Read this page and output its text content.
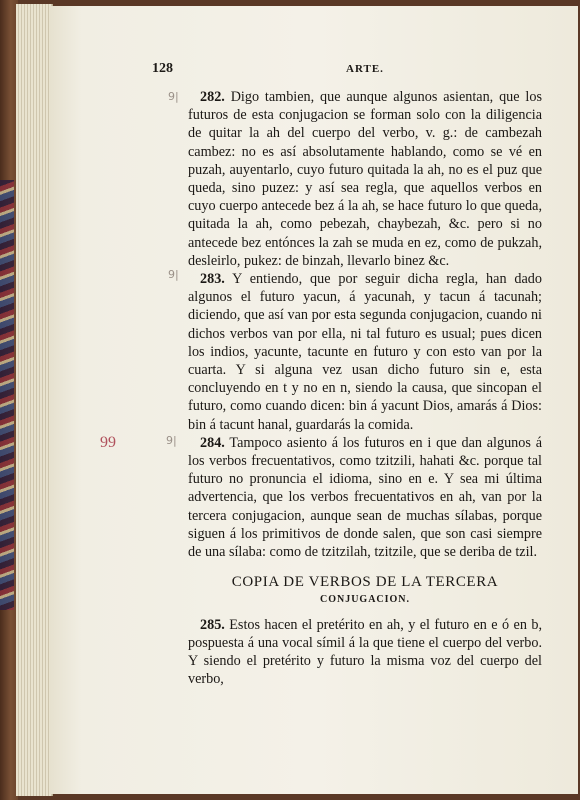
128	ARTE.
99
9|
9|
9|

282. Digo tambien, que aunque algunos asientan, que los futuros de esta conjugacion se forman solo con la diligencia de quitar la ah del cuerpo del verbo, v. g.: de cambezah cambez: no es así absolutamente hablando, como se vé en puzah, auyentarlo, cuyo futuro quitada la ah, no es el puz que queda, sino puzez: y así sea regla, que aquellos verbos en cuyo cuerpo antecede bez á la ah, se hace futuro lo que queda, quitada la ah, como pebezah, chaybezah, &c. pero si no antecede bez entónces la zah se muda en ez, como de pukzah, desleirlo, pukez: de binzah, llevarlo binez &c.

283. Y entiendo, que por seguir dicha regla, han dado algunos el futuro yacun, á yacunah, y tacun á tacunah; diciendo, que así van por esta segunda conjugacion, cuando ni dichos verbos van por ella, ni tal futuro es usual; pues dicen los indios, yacunte, tacunte en futuro y con esto van por la cuarta. Y si alguna vez usan dicho futuro sin e, esta concluyendo en t y no en n, siendo la causa, que sincopan el futuro, como cuando dicen: bin á yacunt Dios, amarás á Dios: bin á tacunt hanal, guardarás la comida.

284. Tampoco asiento á los futuros en i que dan algunos á los verbos frecuentativos, como tzitzili, hahati &c. porque tal futuro no pronuncia el idioma, sino en e. Y sea mi última advertencia, que los verbos frecuentativos en ah, van por la tercera conjugacion, aunque sean de muchas sílabas, porque siguen á los primitivos de donde salen, que son casi siempre de una sílaba: como de tzitzilah, tzitzile, que se deriba de tzil.

COPIA DE VERBOS DE LA TERCERA
CONJUGACION.

285. Estos hacen el pretérito en ah, y el futuro en e ó en b, pospuesta á una vocal símil á la que tiene el cuerpo del verbo. Y siendo el pretérito y futuro la misma voz del cuerpo del verbo,
